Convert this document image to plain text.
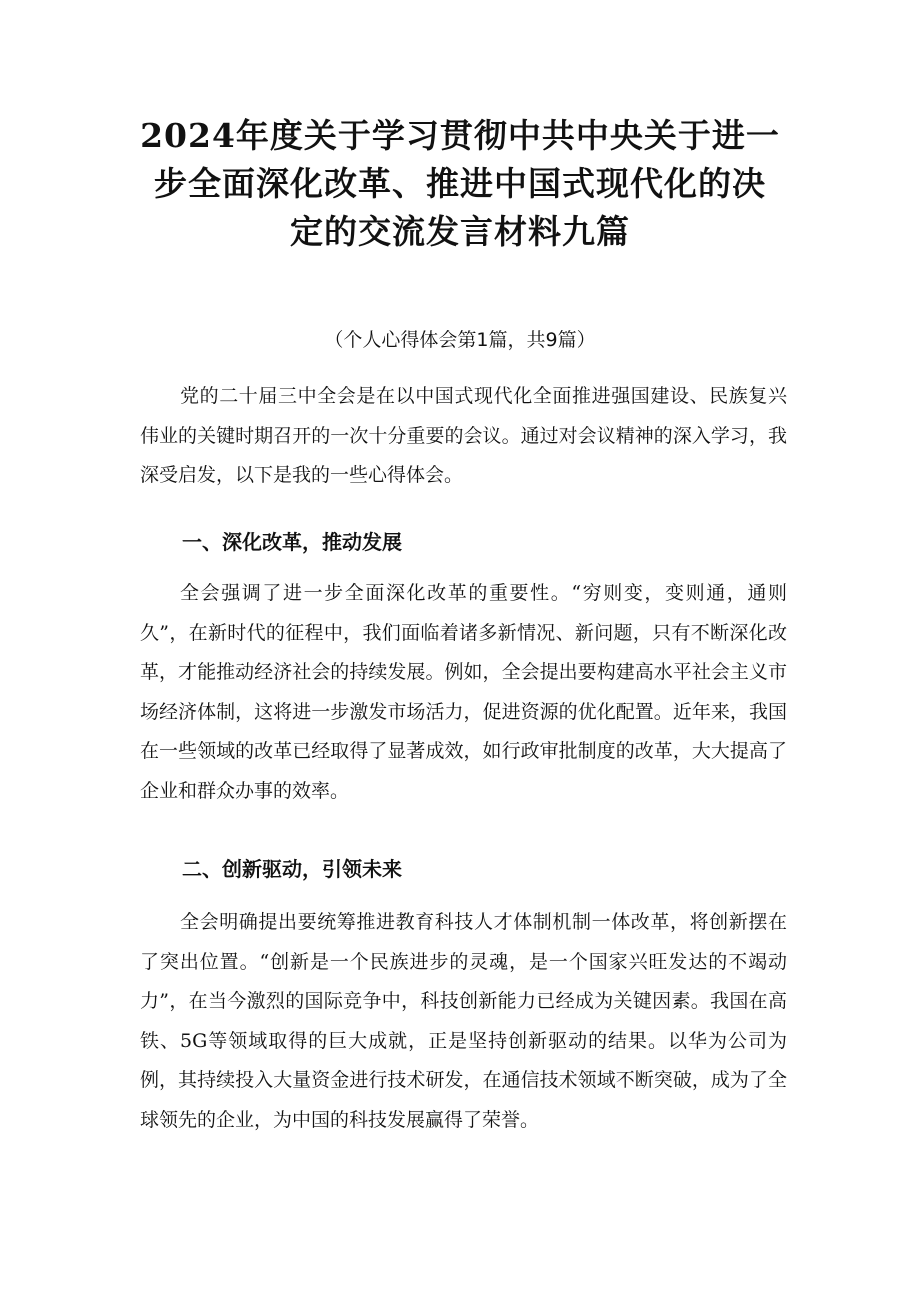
2024年度关于学习贯彻中共中央关于进一步全面深化改革、推进中国式现代化的决定的交流发言材料九篇

（个人心得体会第1篇，共9篇）

党的二十届三中全会是在以中国式现代化全面推进强国建设、民族复兴伟业的关键时期召开的一次十分重要的会议。通过对会议精神的深入学习，我深受启发，以下是我的一些心得体会。

一、深化改革，推动发展

全会强调了进一步全面深化改革的重要性。“穷则变，变则通，通则久”，在新时代的征程中，我们面临着诸多新情况、新问题，只有不断深化改革，才能推动经济社会的持续发展。例如，全会提出要构建高水平社会主义市场经济体制，这将进一步激发市场活力，促进资源的优化配置。近年来，我国在一些领域的改革已经取得了显著成效，如行政审批制度的改革，大大提高了企业和群众办事的效率。

二、创新驱动，引领未来

全会明确提出要统筹推进教育科技人才体制机制一体改革，将创新摆在了突出位置。“创新是一个民族进步的灵魂，是一个国家兴旺发达的不竭动力”，在当今激烈的国际竞争中，科技创新能力已经成为关键因素。我国在高铁、5G等领域取得的巨大成就，正是坚持创新驱动的结果。以华为公司为例，其持续投入大量资金进行技术研发，在通信技术领域不断突破，成为了全球领先的企业，为中国的科技发展赢得了荣誉。
